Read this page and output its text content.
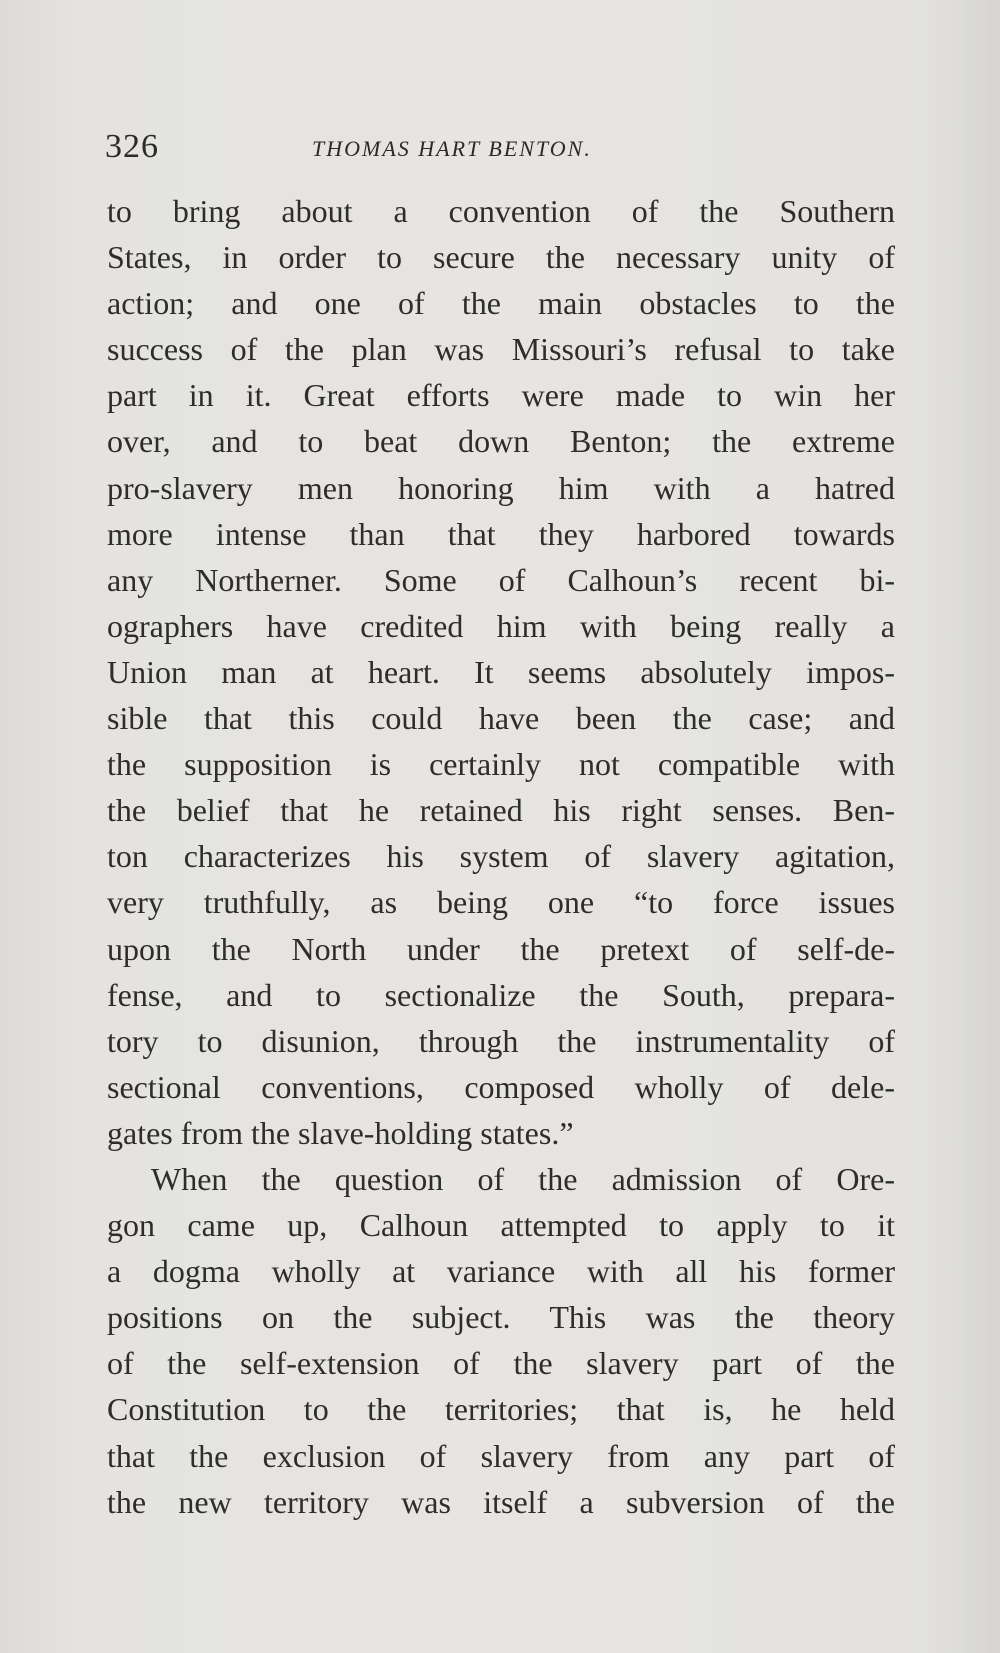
326	THOMAS HART BENTON.
to bring about a convention of the Southern
States, in order to secure the necessary unity of
action; and one of the main obstacles to the
success of the plan was Missouri’s refusal to take
part in it. Great efforts were made to win her
over, and to beat down Benton; the extreme
pro-slavery men honoring him with a hatred
more intense than that they harbored towards
any Northerner. Some of Calhoun’s recent bi-
ographers have credited him with being really a
Union man at heart. It seems absolutely impos-
sible that this could have been the case; and
the supposition is certainly not compatible with
the belief that he retained his right senses. Ben-
ton characterizes his system of slavery agitation,
very truthfully, as being one “to force issues
upon the North under the pretext of self-de-
fense, and to sectionalize the South, prepara-
tory to disunion, through the instrumentality of
sectional conventions, composed wholly of dele-
gates from the slave-holding states.”
When the question of the admission of Ore-
gon came up, Calhoun attempted to apply to it
a dogma wholly at variance with all his former
positions on the subject. This was the theory
of the self-extension of the slavery part of the
Constitution to the territories; that is, he held
that the exclusion of slavery from any part of
the new territory was itself a subversion of the
